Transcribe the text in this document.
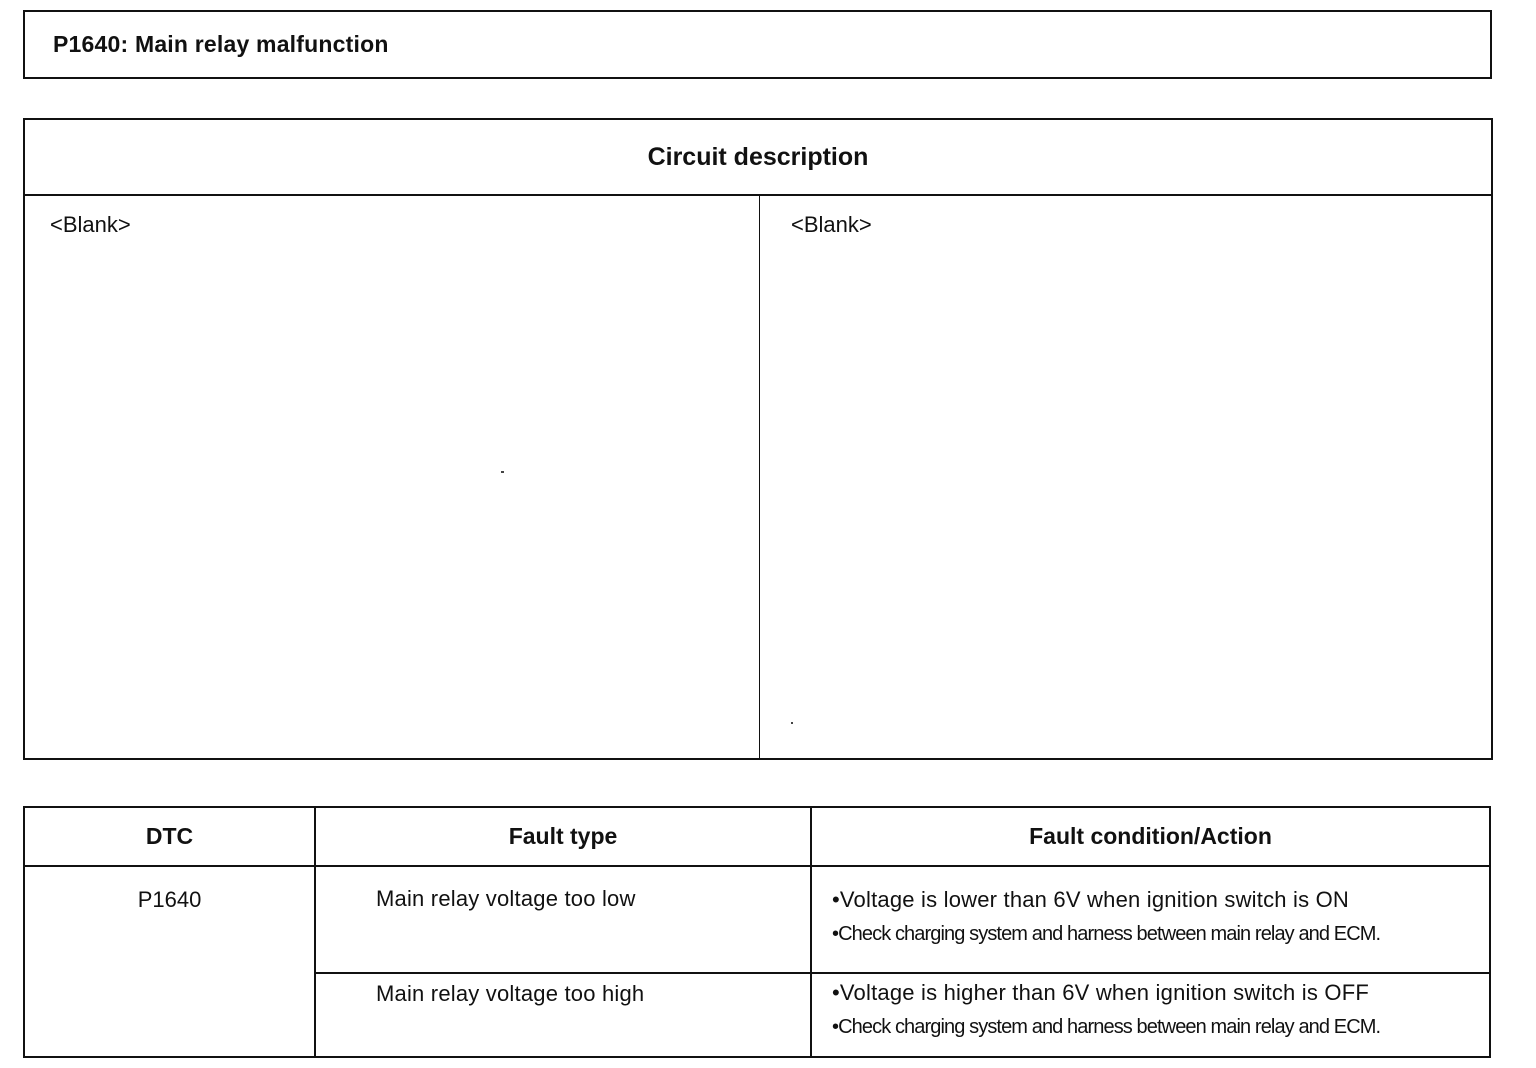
P1640: Main relay malfunction
Circuit description
<Blank>	<Blank>
DTC	Fault type	Fault condition/Action
P1640	Main relay voltage too low	•Voltage is lower than 6V when ignition switch is ON
•Check charging system and harness between main relay and ECM.

	Main relay voltage too high	•Voltage is higher than 6V when ignition switch is OFF
•Check charging system and harness between main relay and ECM.
